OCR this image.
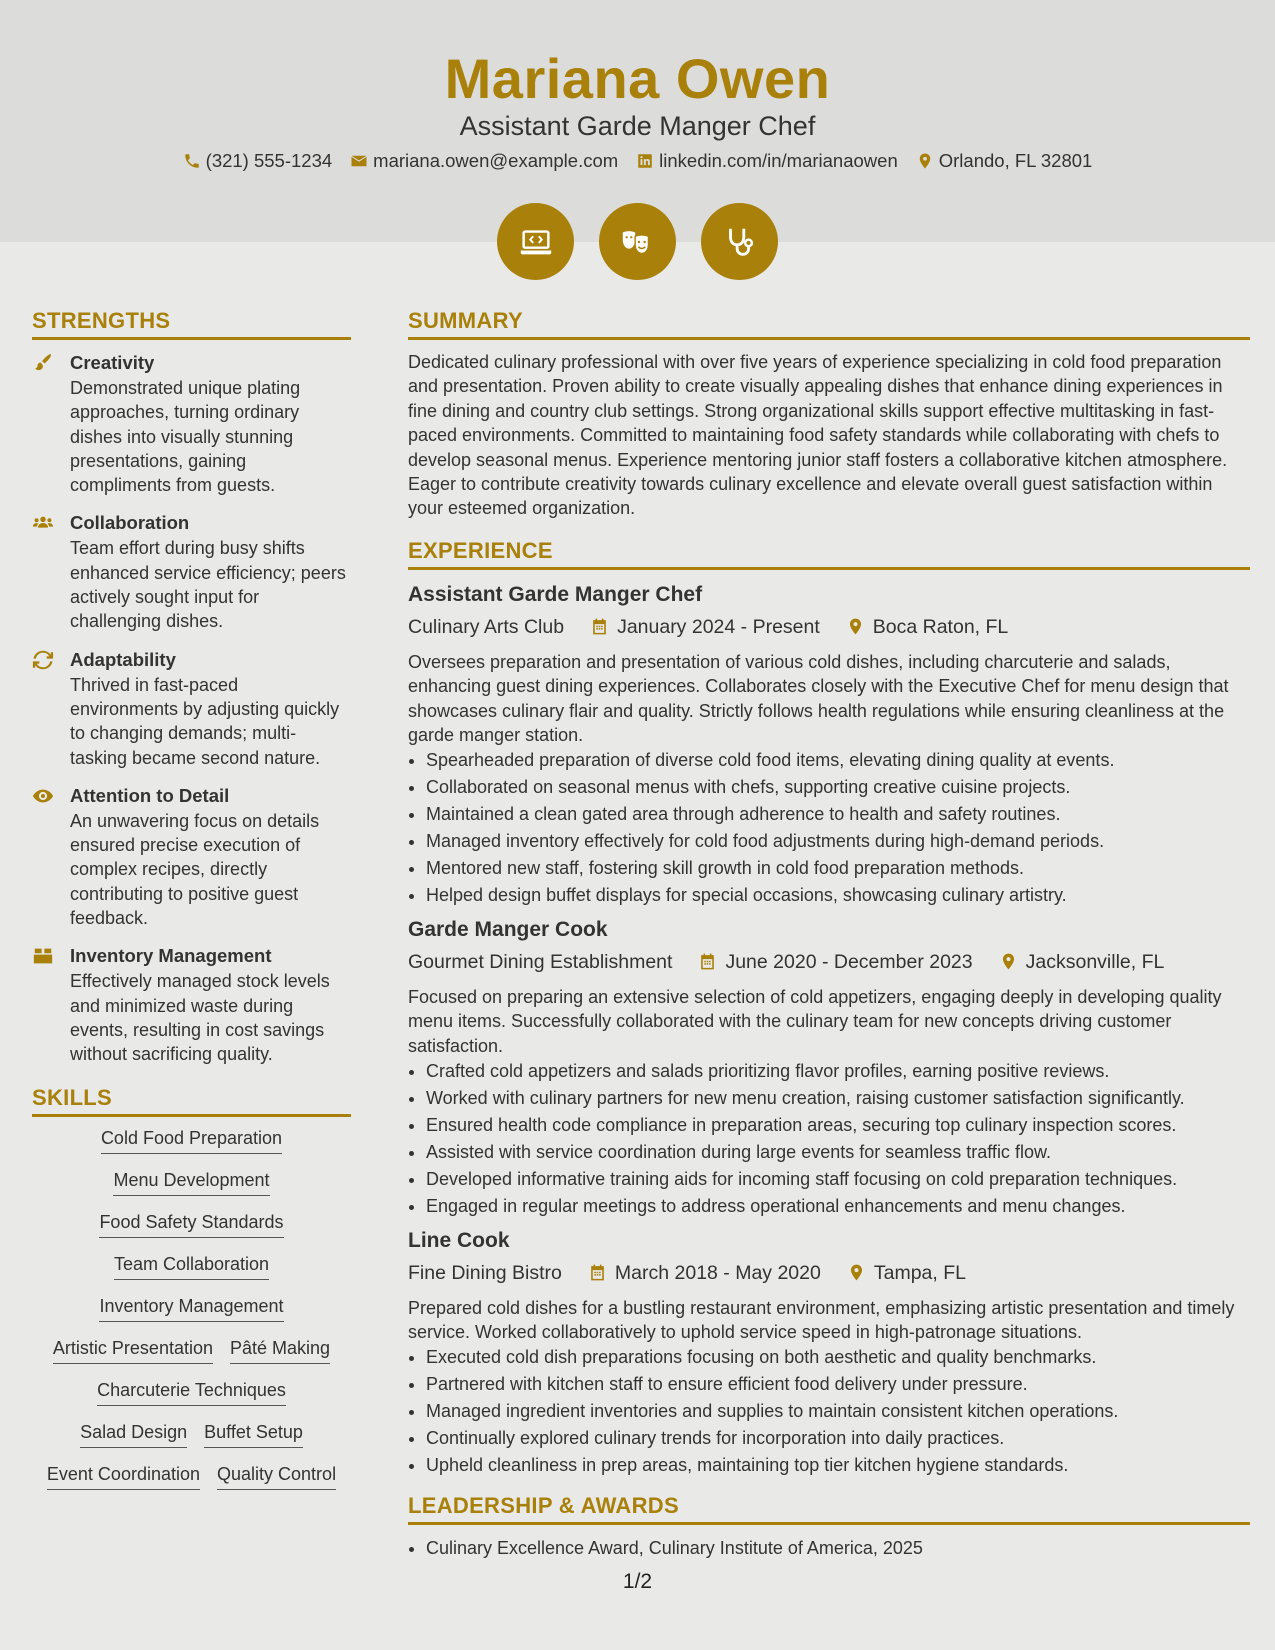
Mariana Owen
Assistant Garde Manger Chef
(321) 555-1234 mariana.owen@example.com linkedin.com/in/marianaowen Orlando, FL 32801
STRENGTHS
Creativity
Demonstrated unique plating approaches, turning ordinary dishes into visually stunning presentations, gaining compliments from guests.
Collaboration
Team effort during busy shifts enhanced service efficiency; peers actively sought input for challenging dishes.
Adaptability
Thrived in fast-paced environments by adjusting quickly to changing demands; multi-tasking became second nature.
Attention to Detail
An unwavering focus on details ensured precise execution of complex recipes, directly contributing to positive guest feedback.
Inventory Management
Effectively managed stock levels and minimized waste during events, resulting in cost savings without sacrificing quality.
SKILLS
Cold Food Preparation
Menu Development
Food Safety Standards
Team Collaboration
Inventory Management
Artistic Presentation Pâté Making
Charcuterie Techniques
Salad Design Buffet Setup
Event Coordination Quality Control
SUMMARY
Dedicated culinary professional with over five years of experience specializing in cold food preparation and presentation. Proven ability to create visually appealing dishes that enhance dining experiences in fine dining and country club settings. Strong organizational skills support effective multitasking in fast-paced environments. Committed to maintaining food safety standards while collaborating with chefs to develop seasonal menus. Experience mentoring junior staff fosters a collaborative kitchen atmosphere. Eager to contribute creativity towards culinary excellence and elevate overall guest satisfaction within your esteemed organization.
EXPERIENCE
Assistant Garde Manger Chef
Culinary Arts Club	January 2024 - Present	Boca Raton, FL
Oversees preparation and presentation of various cold dishes, including charcuterie and salads, enhancing guest dining experiences. Collaborates closely with the Executive Chef for menu design that showcases culinary flair and quality. Strictly follows health regulations while ensuring cleanliness at the garde manger station.
• Spearheaded preparation of diverse cold food items, elevating dining quality at events.
• Collaborated on seasonal menus with chefs, supporting creative cuisine projects.
• Maintained a clean gated area through adherence to health and safety routines.
• Managed inventory effectively for cold food adjustments during high-demand periods.
• Mentored new staff, fostering skill growth in cold food preparation methods.
• Helped design buffet displays for special occasions, showcasing culinary artistry.
Garde Manger Cook
Gourmet Dining Establishment	June 2020 - December 2023	Jacksonville, FL
Focused on preparing an extensive selection of cold appetizers, engaging deeply in developing quality menu items. Successfully collaborated with the culinary team for new concepts driving customer satisfaction.
• Crafted cold appetizers and salads prioritizing flavor profiles, earning positive reviews.
• Worked with culinary partners for new menu creation, raising customer satisfaction significantly.
• Ensured health code compliance in preparation areas, securing top culinary inspection scores.
• Assisted with service coordination during large events for seamless traffic flow.
• Developed informative training aids for incoming staff focusing on cold preparation techniques.
• Engaged in regular meetings to address operational enhancements and menu changes.
Line Cook
Fine Dining Bistro	March 2018 - May 2020	Tampa, FL
Prepared cold dishes for a bustling restaurant environment, emphasizing artistic presentation and timely service. Worked collaboratively to uphold service speed in high-patronage situations.
• Executed cold dish preparations focusing on both aesthetic and quality benchmarks.
• Partnered with kitchen staff to ensure efficient food delivery under pressure.
• Managed ingredient inventories and supplies to maintain consistent kitchen operations.
• Continually explored culinary trends for incorporation into daily practices.
• Upheld cleanliness in prep areas, maintaining top tier kitchen hygiene standards.
LEADERSHIP & AWARDS
• Culinary Excellence Award, Culinary Institute of America, 2025
1/2
